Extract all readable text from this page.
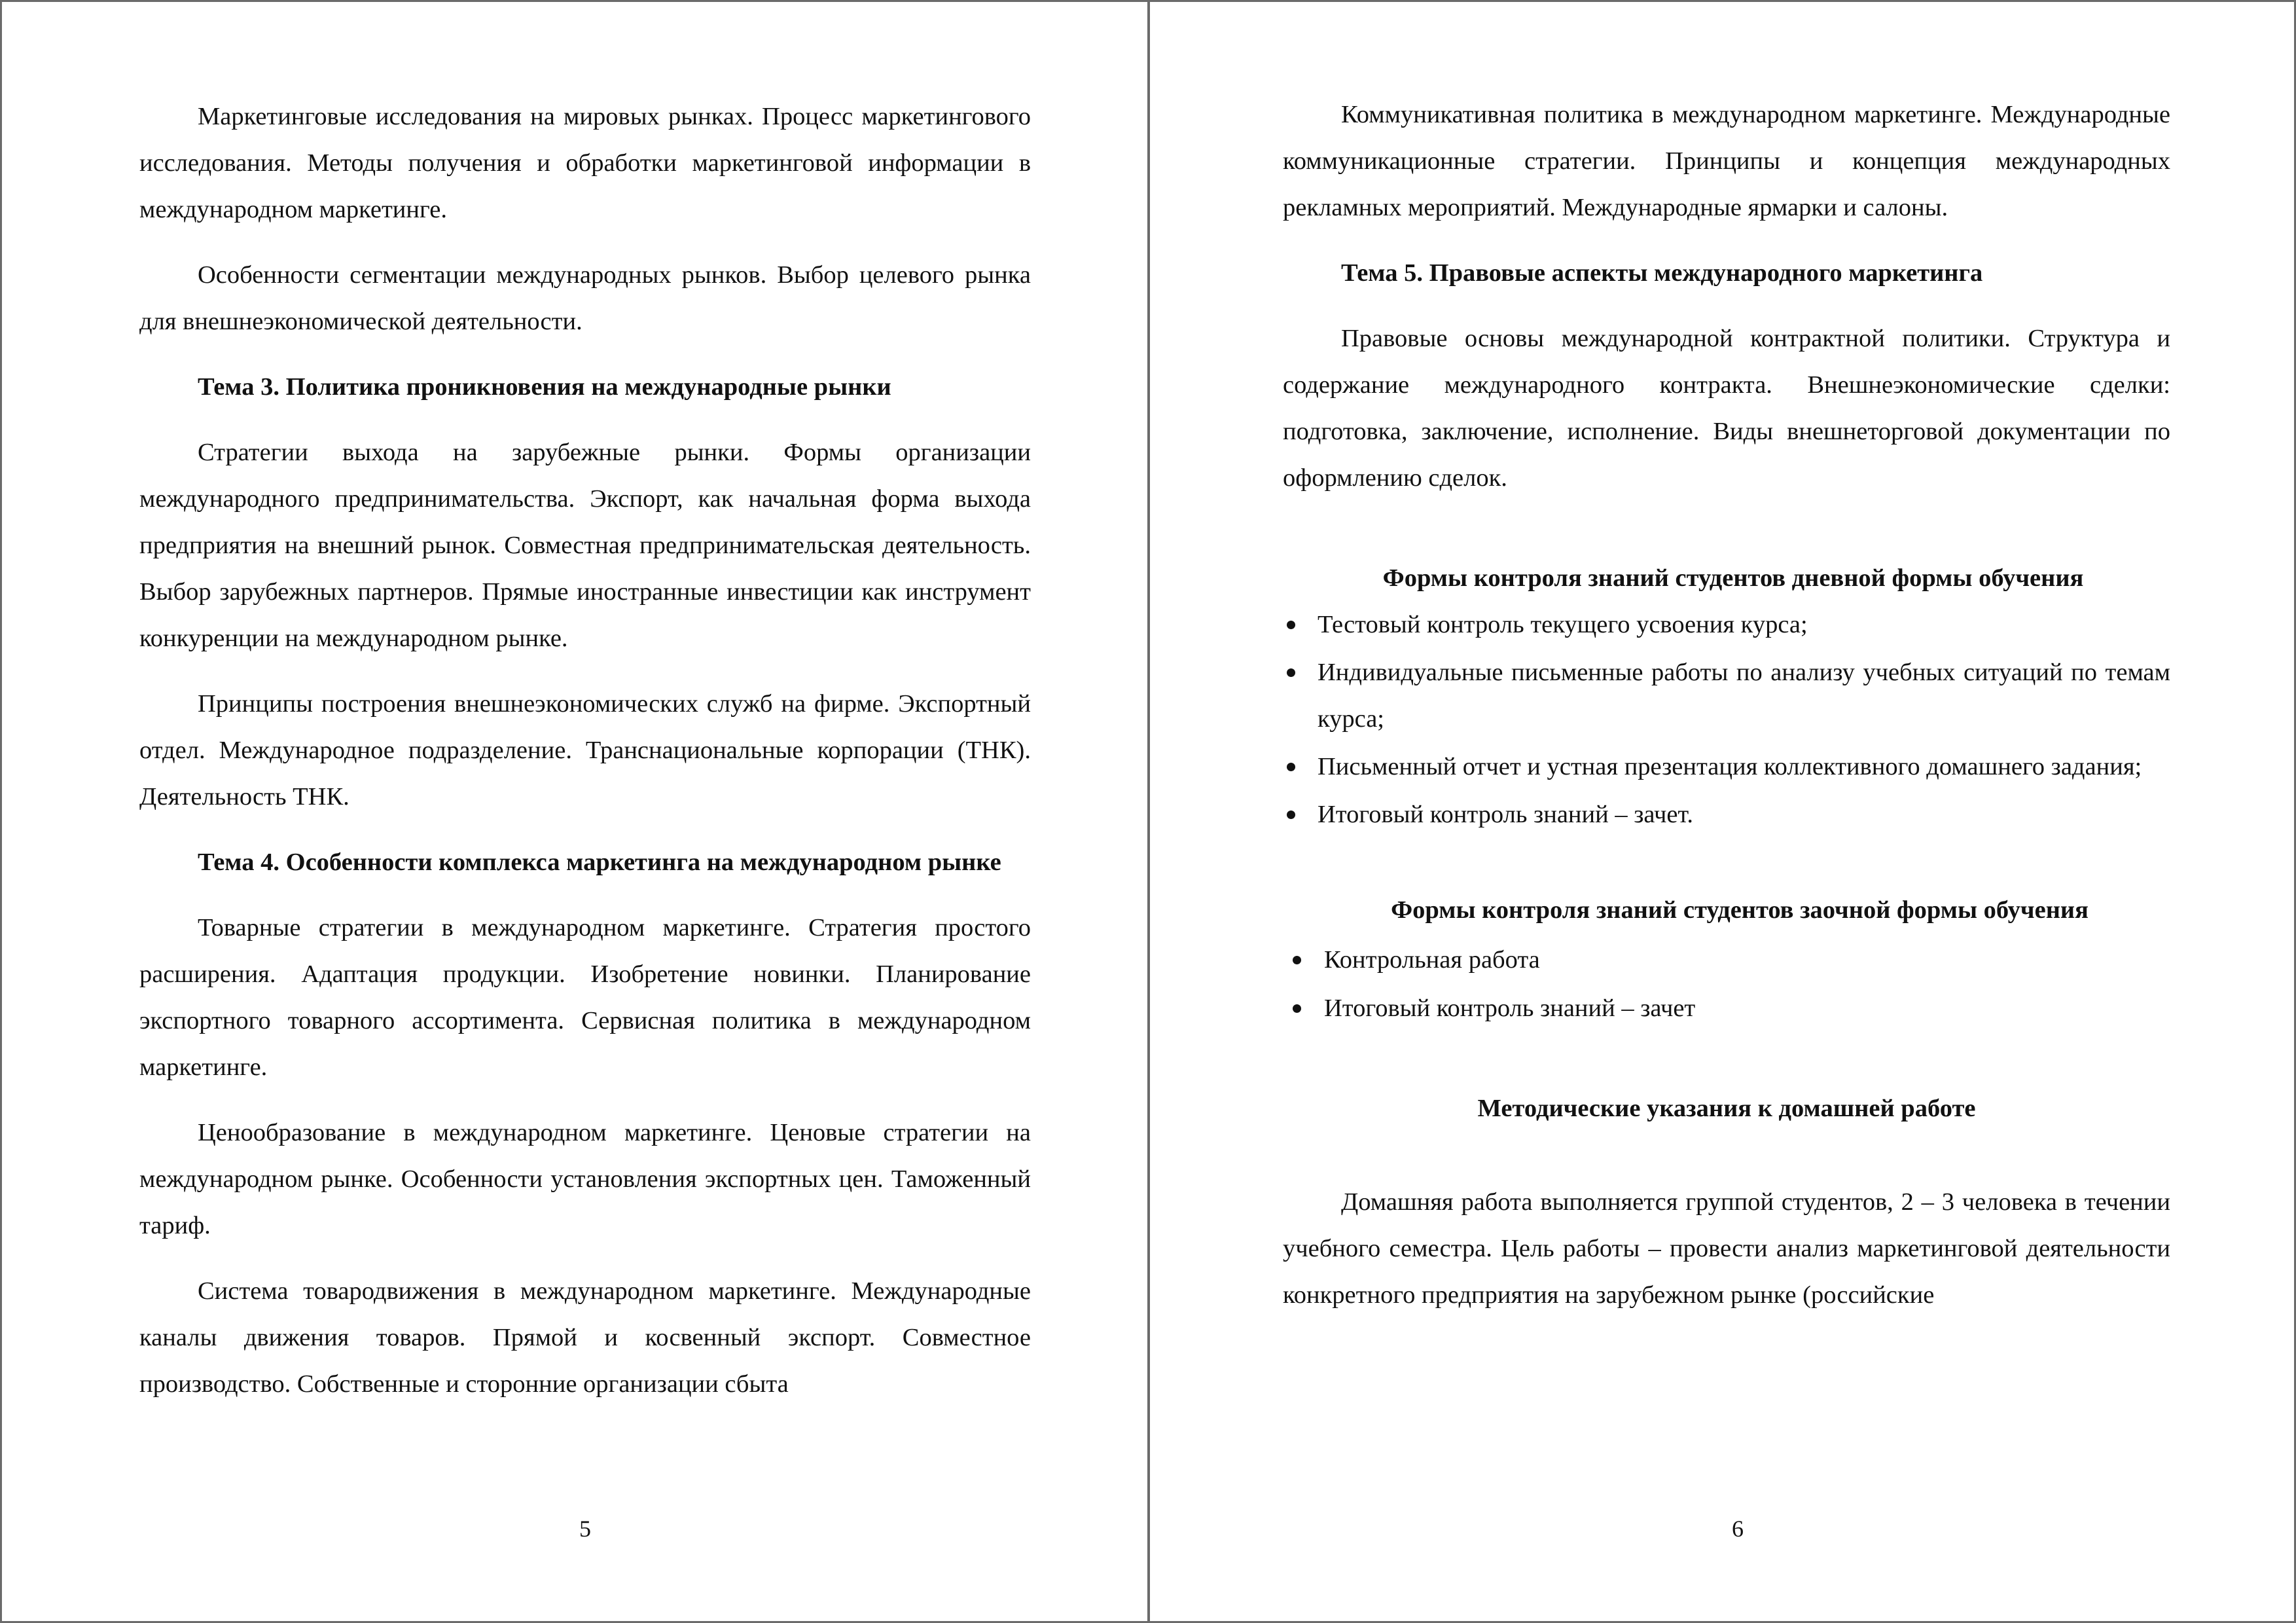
Маркетинговые исследования на мировых рынках. Процесс маркетингового исследования. Методы получения и обработки маркетинговой информации в международном маркетинге.

Особенности сегментации международных рынков. Выбор целевого рынка для внешнеэкономической деятельности.

Тема 3. Политика проникновения на международные рынки

Стратегии выхода на зарубежные рынки. Формы организации международного предпринимательства. Экспорт, как начальная форма выхода предприятия на внешний рынок. Совместная предпринимательская деятельность. Выбор зарубежных партнеров. Прямые иностранные инвестиции как инструмент конкуренции на международном рынке.

Принципы построения внешнеэкономических служб на фирме. Экспортный отдел. Международное подразделение. Транснациональные корпорации (ТНК). Деятельность ТНК.

Тема 4. Особенности комплекса маркетинга на международном рынке

Товарные стратегии в международном маркетинге. Стратегия простого расширения. Адаптация продукции. Изобретение новинки. Планирование экспортного товарного ассортимента. Сервисная политика в международном маркетинге.

Ценообразование в международном маркетинге. Ценовые стратегии на международном рынке. Особенности установления экспортных цен. Таможенный тариф.

Система товародвижения в международном маркетинге. Международные каналы движения товаров. Прямой и косвенный экспорт. Совместное производство. Собственные и сторонние организации сбыта

5	6

Коммуникативная политика в международном маркетинге. Международные коммуникационные стратегии. Принципы и концепция международных рекламных мероприятий. Международные ярмарки и салоны.

Тема 5. Правовые аспекты международного маркетинга

Правовые основы международной контрактной политики. Структура и содержание международного контракта. Внешнеэкономические сделки: подготовка, заключение, исполнение. Виды внешнеторговой документации по оформлению сделок.

Формы контроля знаний студентов дневной формы обучения

Тестовый контроль текущего усвоения курса;
Индивидуальные письменные работы по анализу учебных ситуаций по темам курса;
Письменный отчет и устная презентация коллективного домашнего задания;
Итоговый контроль знаний – зачет.

Формы контроля знаний студентов заочной формы обучения

Контрольная работа
Итоговый контроль знаний – зачет

Методические указания к домашней работе

Домашняя работа выполняется группой студентов, 2 – 3 человека в течении учебного семестра. Цель работы – провести анализ маркетинговой деятельности конкретного предприятия на зарубежном рынке (российские
